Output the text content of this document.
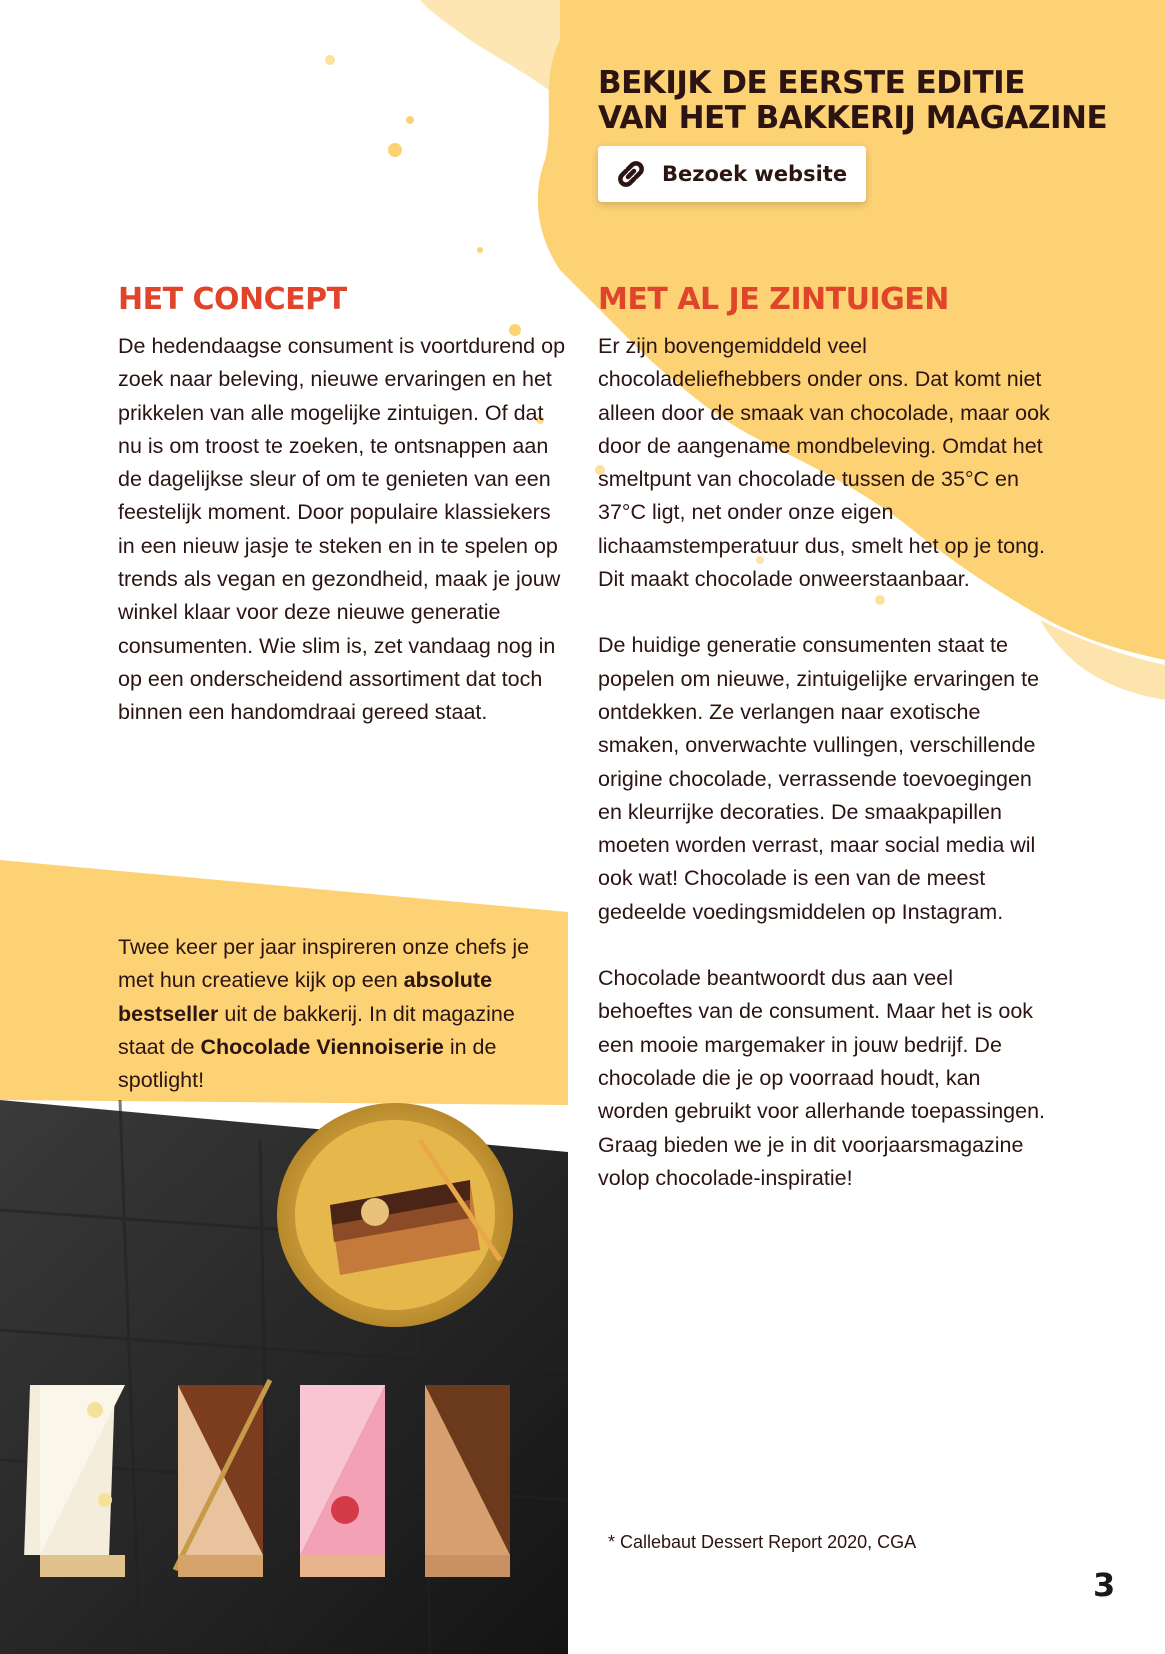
BEKIJK DE EERSTE EDITIE
VAN HET BAKKERIJ MAGAZINE
Bezoek website
HET CONCEPT

De hedendaagse consument is voortdurend op zoek naar beleving, nieuwe ervaringen en het prikkelen van alle mogelijke zintuigen. Of dat nu is om troost te zoeken, te ontsnappen aan de dagelijkse sleur of om te genieten van een feestelijk moment. Door populaire klassiekers in een nieuw jasje te steken en in te spelen op trends als vegan en gezondheid, maak je jouw winkel klaar voor deze nieuwe generatie consumenten. Wie slim is, zet vandaag nog in op een onderscheidend assortiment dat toch binnen een handomdraai gereed staat.

Twee keer per jaar inspireren onze chefs je met hun creatieve kijk op een absolute bestseller uit de bakkerij. In dit magazine staat de Chocolade Viennoiserie in de spotlight!

MET AL JE ZINTUIGEN

Er zijn bovengemiddeld veel chocoladeliefhebbers onder ons. Dat komt niet alleen door de smaak van chocolade, maar ook door de aangename mondbeleving. Omdat het smeltpunt van chocolade tussen de 35°C en 37°C ligt, net onder onze eigen lichaamstemperatuur dus, smelt het op je tong. Dit maakt chocolade onweerstaanbaar.

De huidige generatie consumenten staat te popelen om nieuwe, zintuigelijke ervaringen te ontdekken. Ze verlangen naar exotische smaken, onverwachte vullingen, verschillende origine chocolade, verrassende toevoegingen en kleurrijke decoraties. De smaakpapillen moeten worden verrast, maar social media wil ook wat! Chocolade is een van de meest gedeelde voedingsmiddelen op Instagram.

Chocolade beantwoordt dus aan veel behoeftes van de consument. Maar het is ook een mooie margemaker in jouw bedrijf. De chocolade die je op voorraad houdt, kan worden gebruikt voor allerhande toepassingen. Graag bieden we je in dit voorjaarsmagazine volop chocolade-inspiratie!

* Callebaut Dessert Report 2020, CGA

3
